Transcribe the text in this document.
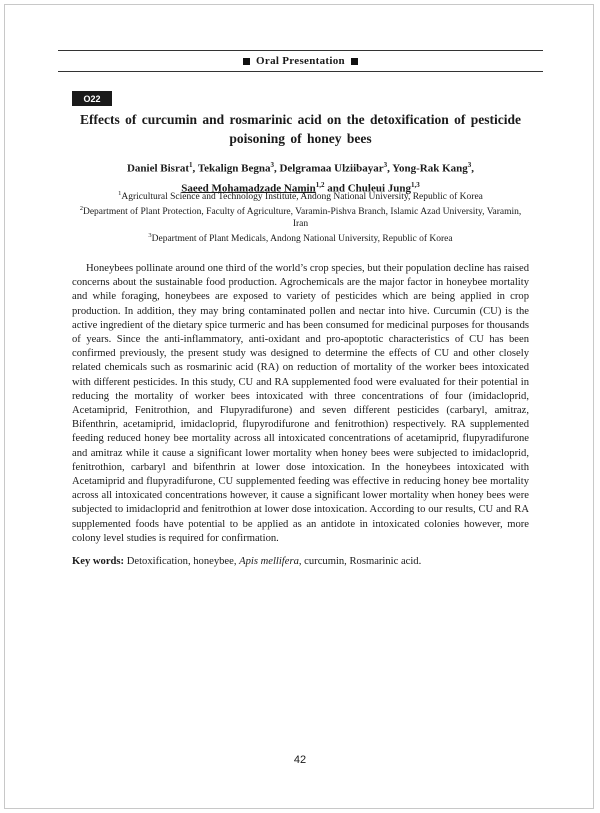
Oral Presentation
O22
Effects of curcumin and rosmarinic acid on the detoxification of pesticide poisoning of honey bees
Daniel Bisrat$^1$, Tekalign Begna$^3$, Delgramaa Ulziibayar$^3$, Yong-Rak Kang$^3$,
Saeed Mohamadzade Namin$^{1,2}$ and Chuleui Jung$^{1,3}$
$^1$Agricultural Science and Technology Institute, Andong National University, Republic of Korea
$^2$Department of Plant Protection, Faculty of Agriculture, Varamin-Pishva Branch, Islamic Azad University, Varamin, Iran
$^3$Department of Plant Medicals, Andong National University, Republic of Korea

Honeybees pollinate around one third of the world’s crop species, but their population decline has raised concerns about the sustainable food production. Agrochemicals are the major factor in honeybee mortality and while foraging, honeybees are exposed to variety of pesticides which are being applied in crop production. In addition, they may bring contaminated pollen and nectar into hive. Curcumin (CU) is the active ingredient of the dietary spice turmeric and has been consumed for medicinal purposes for thousands of years. Since the anti-inflammatory, anti-oxidant and pro-apoptotic characteristics of CU has been confirmed previously, the present study was designed to determine the effects of CU and other closely related chemicals such as rosmarinic acid (RA) on reduction of mortality of the worker bees intoxicated with different pesticides. In this study, CU and RA supplemented food were evaluated for their potential in reducing the mortality of worker bees intoxicated with three concentrations of four (imidacloprid, Acetamiprid, Fenitrothion, and Flupyradifurone) and seven different pesticides (carbaryl, amitraz, Bifenthrin, acetamiprid, imidacloprid, flupyrodifurone and fenitrothion) respectively. RA supplemented feeding reduced honey bee mortality across all intoxicated concentrations of acetamiprid, flupyradifurone and amitraz while it cause a significant lower mortality when honey bees were subjected to imidacloprid, fenitrothion, carbaryl and bifenthrin at lower dose intoxication. In the honeybees intoxicated with Acetamiprid and flupyradifurone, CU supplemented feeding was effective in reducing honey bee mortality across all intoxicated concentrations however, it cause a significant lower mortality when honey bees were subjected to imidacloprid and fenitrothion at lower dose intoxication. According to our results, CU and RA supplemented foods have potential to be applied as an antidote in intoxicated colonies however, more colony level studies is required for confirmation.

Key words: Detoxification, honeybee, Apis mellifera, curcumin, Rosmarinic acid.
42
